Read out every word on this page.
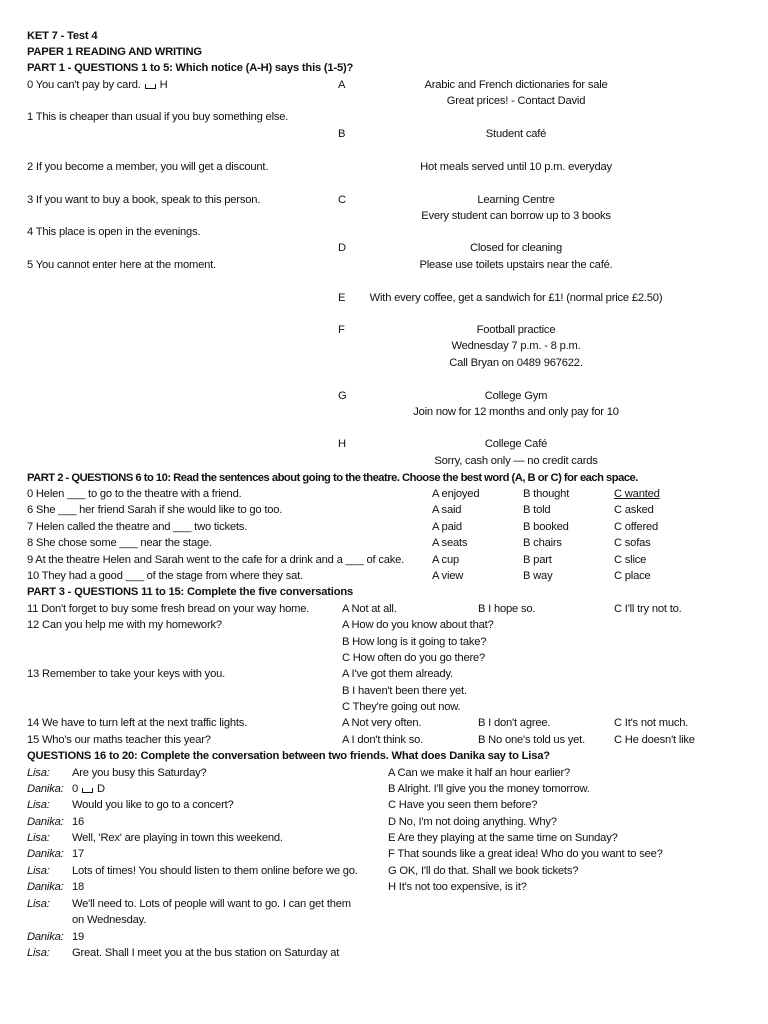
KET 7 - Test 4
PAPER 1 READING AND WRITING
PART 1 - QUESTIONS 1 to 5: Which notice (A-H) says this (1-5)?
0 You can't pay by card. H
1 This is cheaper than usual if you buy something else.
2 If you become a member, you will get a discount.
3 If you want to buy a book, speak to this person.
4 This place is open in the evenings.
5 You cannot enter here at the moment.
A	Arabic and French dictionaries for sale
Great prices! - Contact David
B	Student café
Hot meals served until 10 p.m. everyday
C	Learning Centre
Every student can borrow up to 3 books
D	Closed for cleaning
Please use toilets upstairs near the café.
E	With every coffee, get a sandwich for £1! (normal price £2.50)
F	Football practice
Wednesday 7 p.m. - 8 p.m.
Call Bryan on 0489 967622.
G	College Gym
Join now for 12 months and only pay for 10
H	College Café
Sorry, cash only — no credit cards
PART 2 - QUESTIONS 6 to 10: Read the sentences about going to the theatre. Choose the best word (A, B or C) for each space.
0 Helen ___ to go to the theatre with a friend.	A enjoyed	B thought	C wanted
6 She ___ her friend Sarah if she would like to go too.	A said	B told	C asked
7 Helen called the theatre and ___ two tickets.	A paid	B booked	C offered
8 She chose some ___ near the stage.	A seats	B chairs	C sofas
9 At the theatre Helen and Sarah went to the cafe for a drink and a ___ of cake. A cup	B part	C slice
10 They had a good ___ of the stage from where they sat.	A view	B way	C place
PART 3 - QUESTIONS 11 to 15: Complete the five conversations
11 Don't forget to buy some fresh bread on your way home.	A Not at all.	B I hope so.	C I'll try not to.
12 Can you help me with my homework?	A How do you know about that?
B How long is it going to take?
C How often do you go there?
13 Remember to take your keys with you.	A I've got them already.
B I haven't been there yet.
C They're going out now.
14 We have to turn left at the next traffic lights.	A Not very often.	B I don't agree.	C It's not much.
15 Who's our maths teacher this year?	A I don't think so.	B No one's told us yet.	C He doesn't like
QUESTIONS 16 to 20: Complete the conversation between two friends. What does Danika say to Lisa?
Lisa: Are you busy this Saturday?
Danika: 0 D
Lisa: Would you like to go to a concert?
Danika: 16
Lisa: Well, 'Rex' are playing in town this weekend.
Danika: 17
Lisa: Lots of times! You should listen to them online before we go.
Danika: 18
Lisa: We'll need to. Lots of people will want to go. I can get them
on Wednesday.
Danika: 19
Lisa: Great. Shall I meet you at the bus station on Saturday at
A Can we make it half an hour earlier?
B Alright. I'll give you the money tomorrow.
C Have you seen them before?
D No, I'm not doing anything. Why?
E Are they playing at the same time on Sunday?
F That sounds like a great idea! Who do you want to see?
G OK, I'll do that. Shall we book tickets?
H It's not too expensive, is it?
